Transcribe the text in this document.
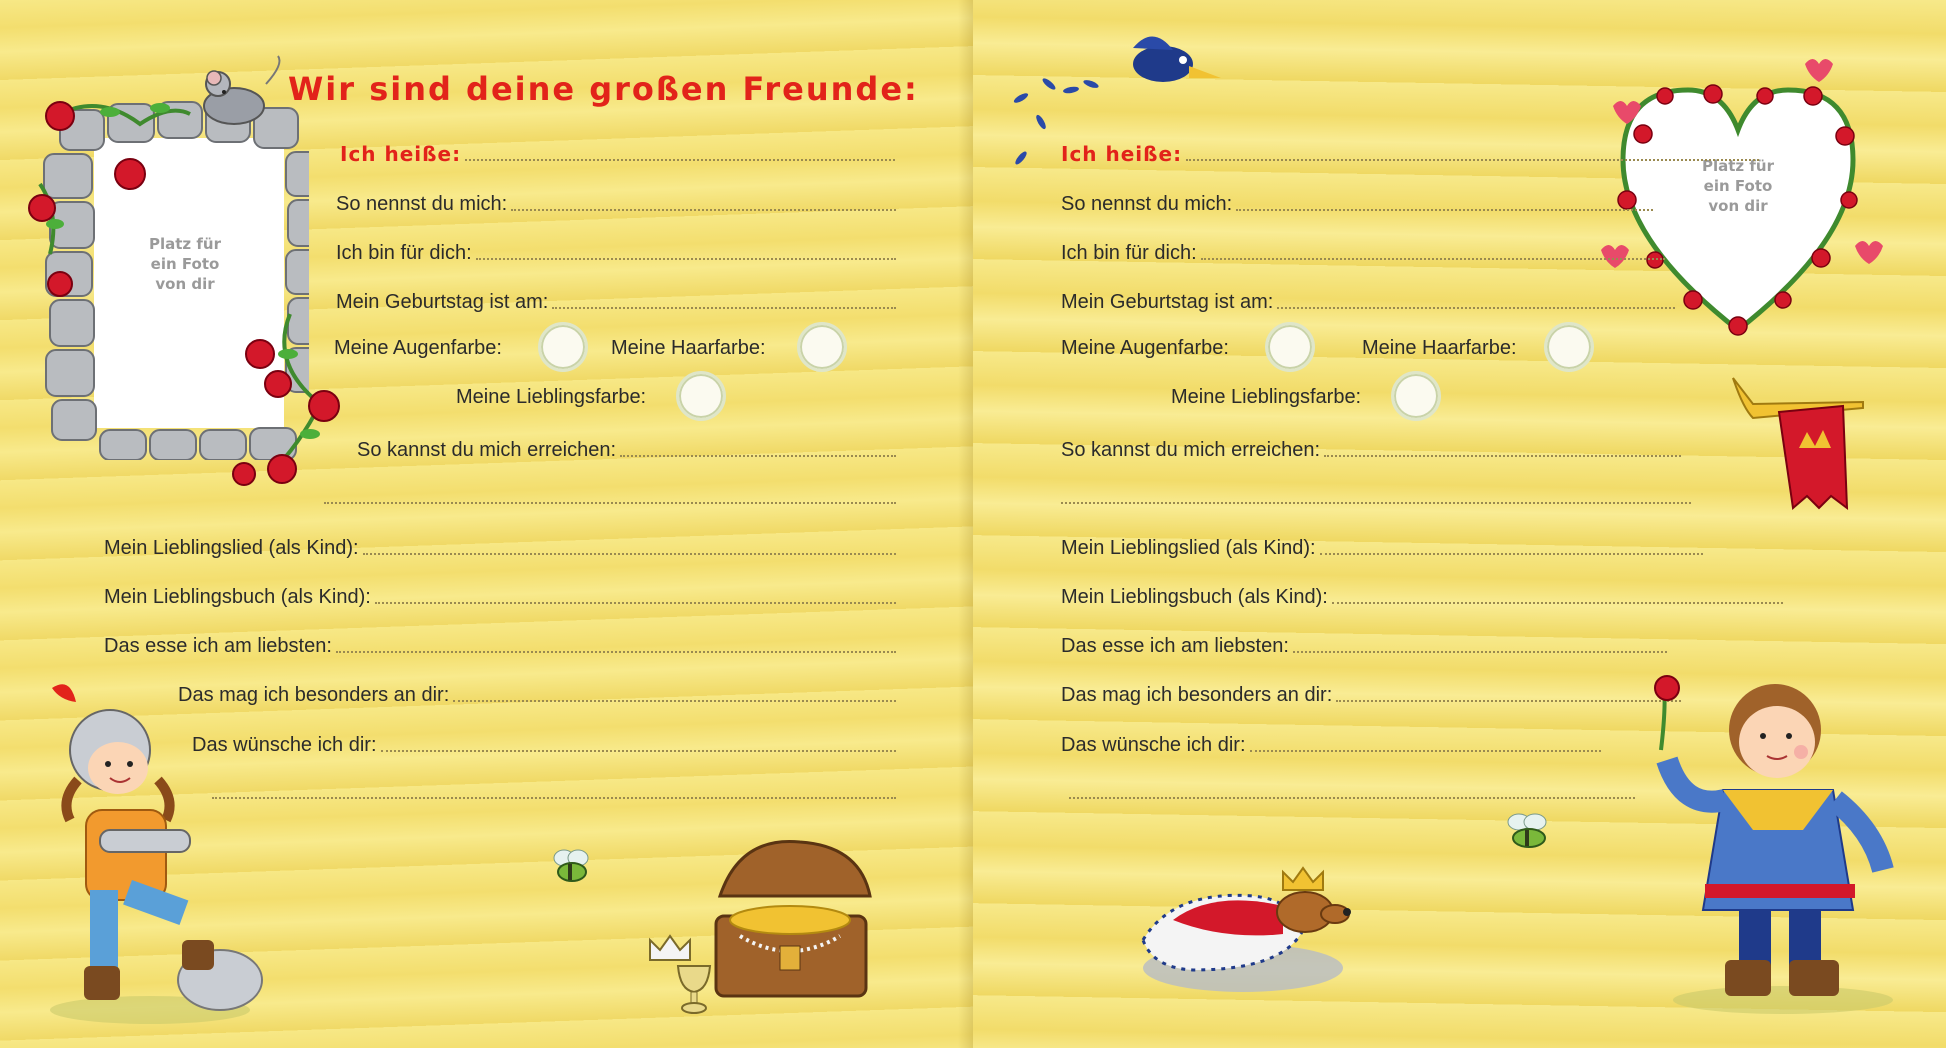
Platz für
ein Foto
von dir
Wir sind deine großen Freunde:
Ich heiße:
So nennst du mich:
Ich bin für dich:
Mein Geburtstag ist am:
Meine Augenfarbe:	Meine Haarfarbe:
Meine Lieblingsfarbe:
So kannst du mich erreichen:
Mein Lieblingslied (als Kind):
Mein Lieblingsbuch (als Kind):
Das esse ich am liebsten:
Das mag ich besonders an dir:
Das wünsche ich dir:
Platz für
ein Foto
von dir
Ich heiße:
So nennst du mich:
Ich bin für dich:
Mein Geburtstag ist am:
Meine Augenfarbe:	Meine Haarfarbe:
Meine Lieblingsfarbe:
So kannst du mich erreichen:
Mein Lieblingslied (als Kind):
Mein Lieblingsbuch (als Kind):
Das esse ich am liebsten:
Das mag ich besonders an dir:
Das wünsche ich dir:
